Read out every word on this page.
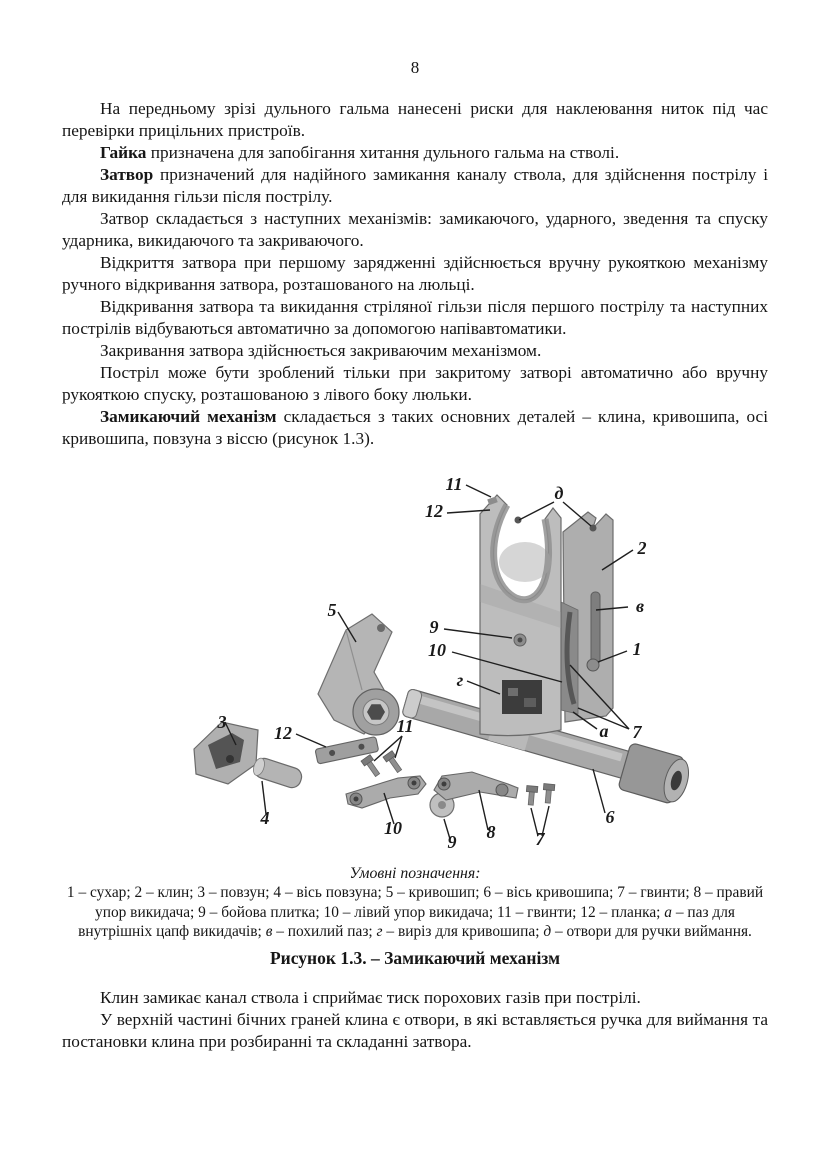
8

На передньому зрізі дульного гальма нанесені риски для наклеювання ниток під час перевірки прицільних пристроїв.

Гайка призначена для запобігання хитання дульного гальма на стволі.

Затвор призначений для надійного замикання каналу ствола, для здійснення пострілу і для викидання гільзи після пострілу.

Затвор складається з наступних механізмів: замикаючого, ударного, зведення та спуску ударника, викидаючого та закриваючого.

Відкриття затвора при першому зарядженні здійснюється вручну рукояткою механізму ручного відкривання затвора, розташованого на люльці.

Відкривання затвора та викидання стріляної гільзи після першого пострілу та наступних пострілів відбуваються автоматично за допомогою напівавтоматики.

Закривання затвора здійснюється закриваючим механізмом.

Постріл може бути зроблений тільки при закритому затворі автоматично або вручну рукояткою спуску, розташованою з лівого боку люльки.

Замикаючий механізм складається з таких основних деталей – клина, кривошипа, осі кривошипа, повзуна з віссю (рисунок 1.3).

11
12
д
2
в
9
10	1
г
5
3
12	11	а 7
4	10
9 8 7
6
Умовні позначення:
1 – сухар; 2 – клин; 3 – повзун; 4 – вісь повзуна; 5 – кривошип; 6 – вісь кривошипа; 7 – гвинти; 8 – правий упор викидача; 9 – бойова плитка; 10 – лівий упор викидача; 11 – гвинти; 12 – планка; а – паз для внутрішніх цапф викидачів; в – похилий паз; г – виріз для кривошипа; д – отвори для ручки виймання.
Рисунок 1.3. – Замикаючий механізм

Клин замикає канал ствола і сприймає тиск порохових газів при пострілі.

У верхній частині бічних граней клина є отвори, в які вставляється ручка для виймання та постановки клина при розбиранні та складанні затвора.
